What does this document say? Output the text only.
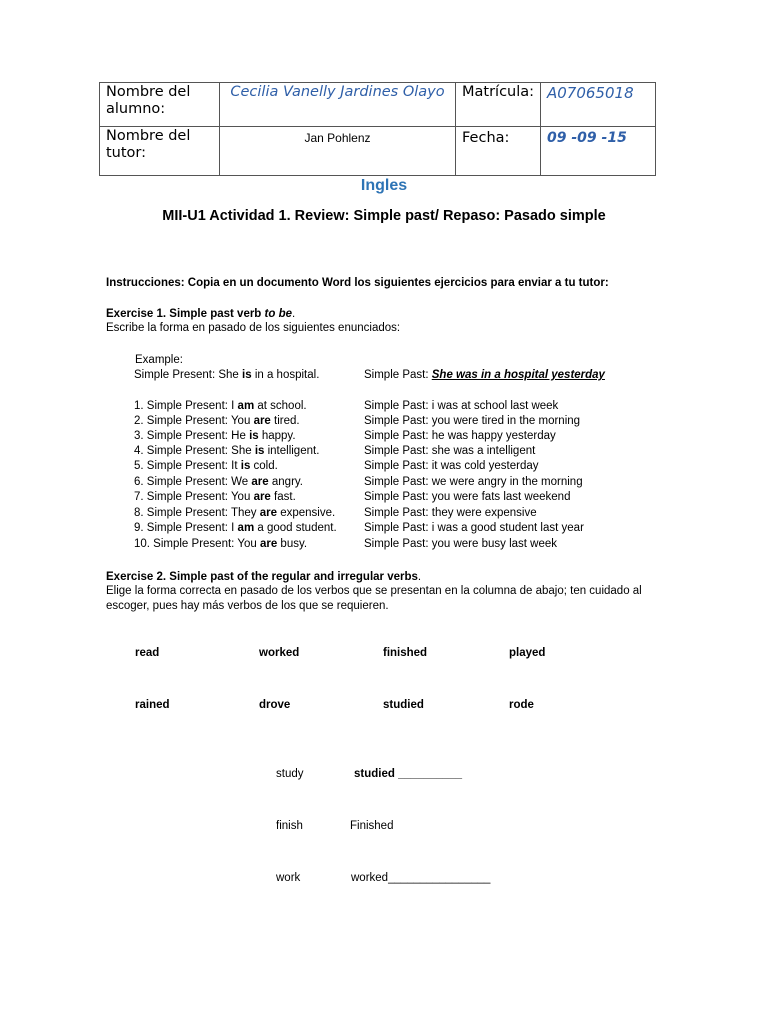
Nombre del alumno:	Cecilia Vanelly Jardines Olayo	Matrícula:	A07065018
Nombre del tutor:	Jan Pohlenz	Fecha:	09 -09 -15
Ingles
MII-U1 Actividad 1. Review: Simple past/ Repaso: Pasado simple
Instrucciones: Copia en un documento Word los siguientes ejercicios para enviar a tu tutor:
Exercise 1. Simple past verb to be.
Escribe la forma en pasado de los siguientes enunciados:
Example:
Simple Present: She is in a hospital.	Simple Past: She was in a hospital yesterday
1. Simple Present: I am at school.	Simple Past: i was at school last week
2. Simple Present: You are tired.	Simple Past: you were tired in the morning
3. Simple Present: He is happy.	Simple Past: he was happy yesterday
4. Simple Present: She is intelligent.	Simple Past: she was a intelligent
5. Simple Present: It is cold.	Simple Past: it was cold yesterday
6. Simple Present: We are angry.	Simple Past: we were angry in the morning
7. Simple Present: You are fast.	Simple Past: you were fats last weekend
8. Simple Present: They are expensive.	Simple Past: they were expensive
9. Simple Present: I am a good student. Simple Past: i was a good student last year
10. Simple Present: You are busy.	Simple Past: you were busy last week
Exercise 2. Simple past of the regular and irregular verbs.
Elige la forma correcta en pasado de los verbos que se presentan en la columna de abajo; ten cuidado al escoger, pues hay más verbos de los que se requieren.
read	worked	finished	played
rained	drove	studied	rode
study	studied __________
finish	Finished
work	worked________________
